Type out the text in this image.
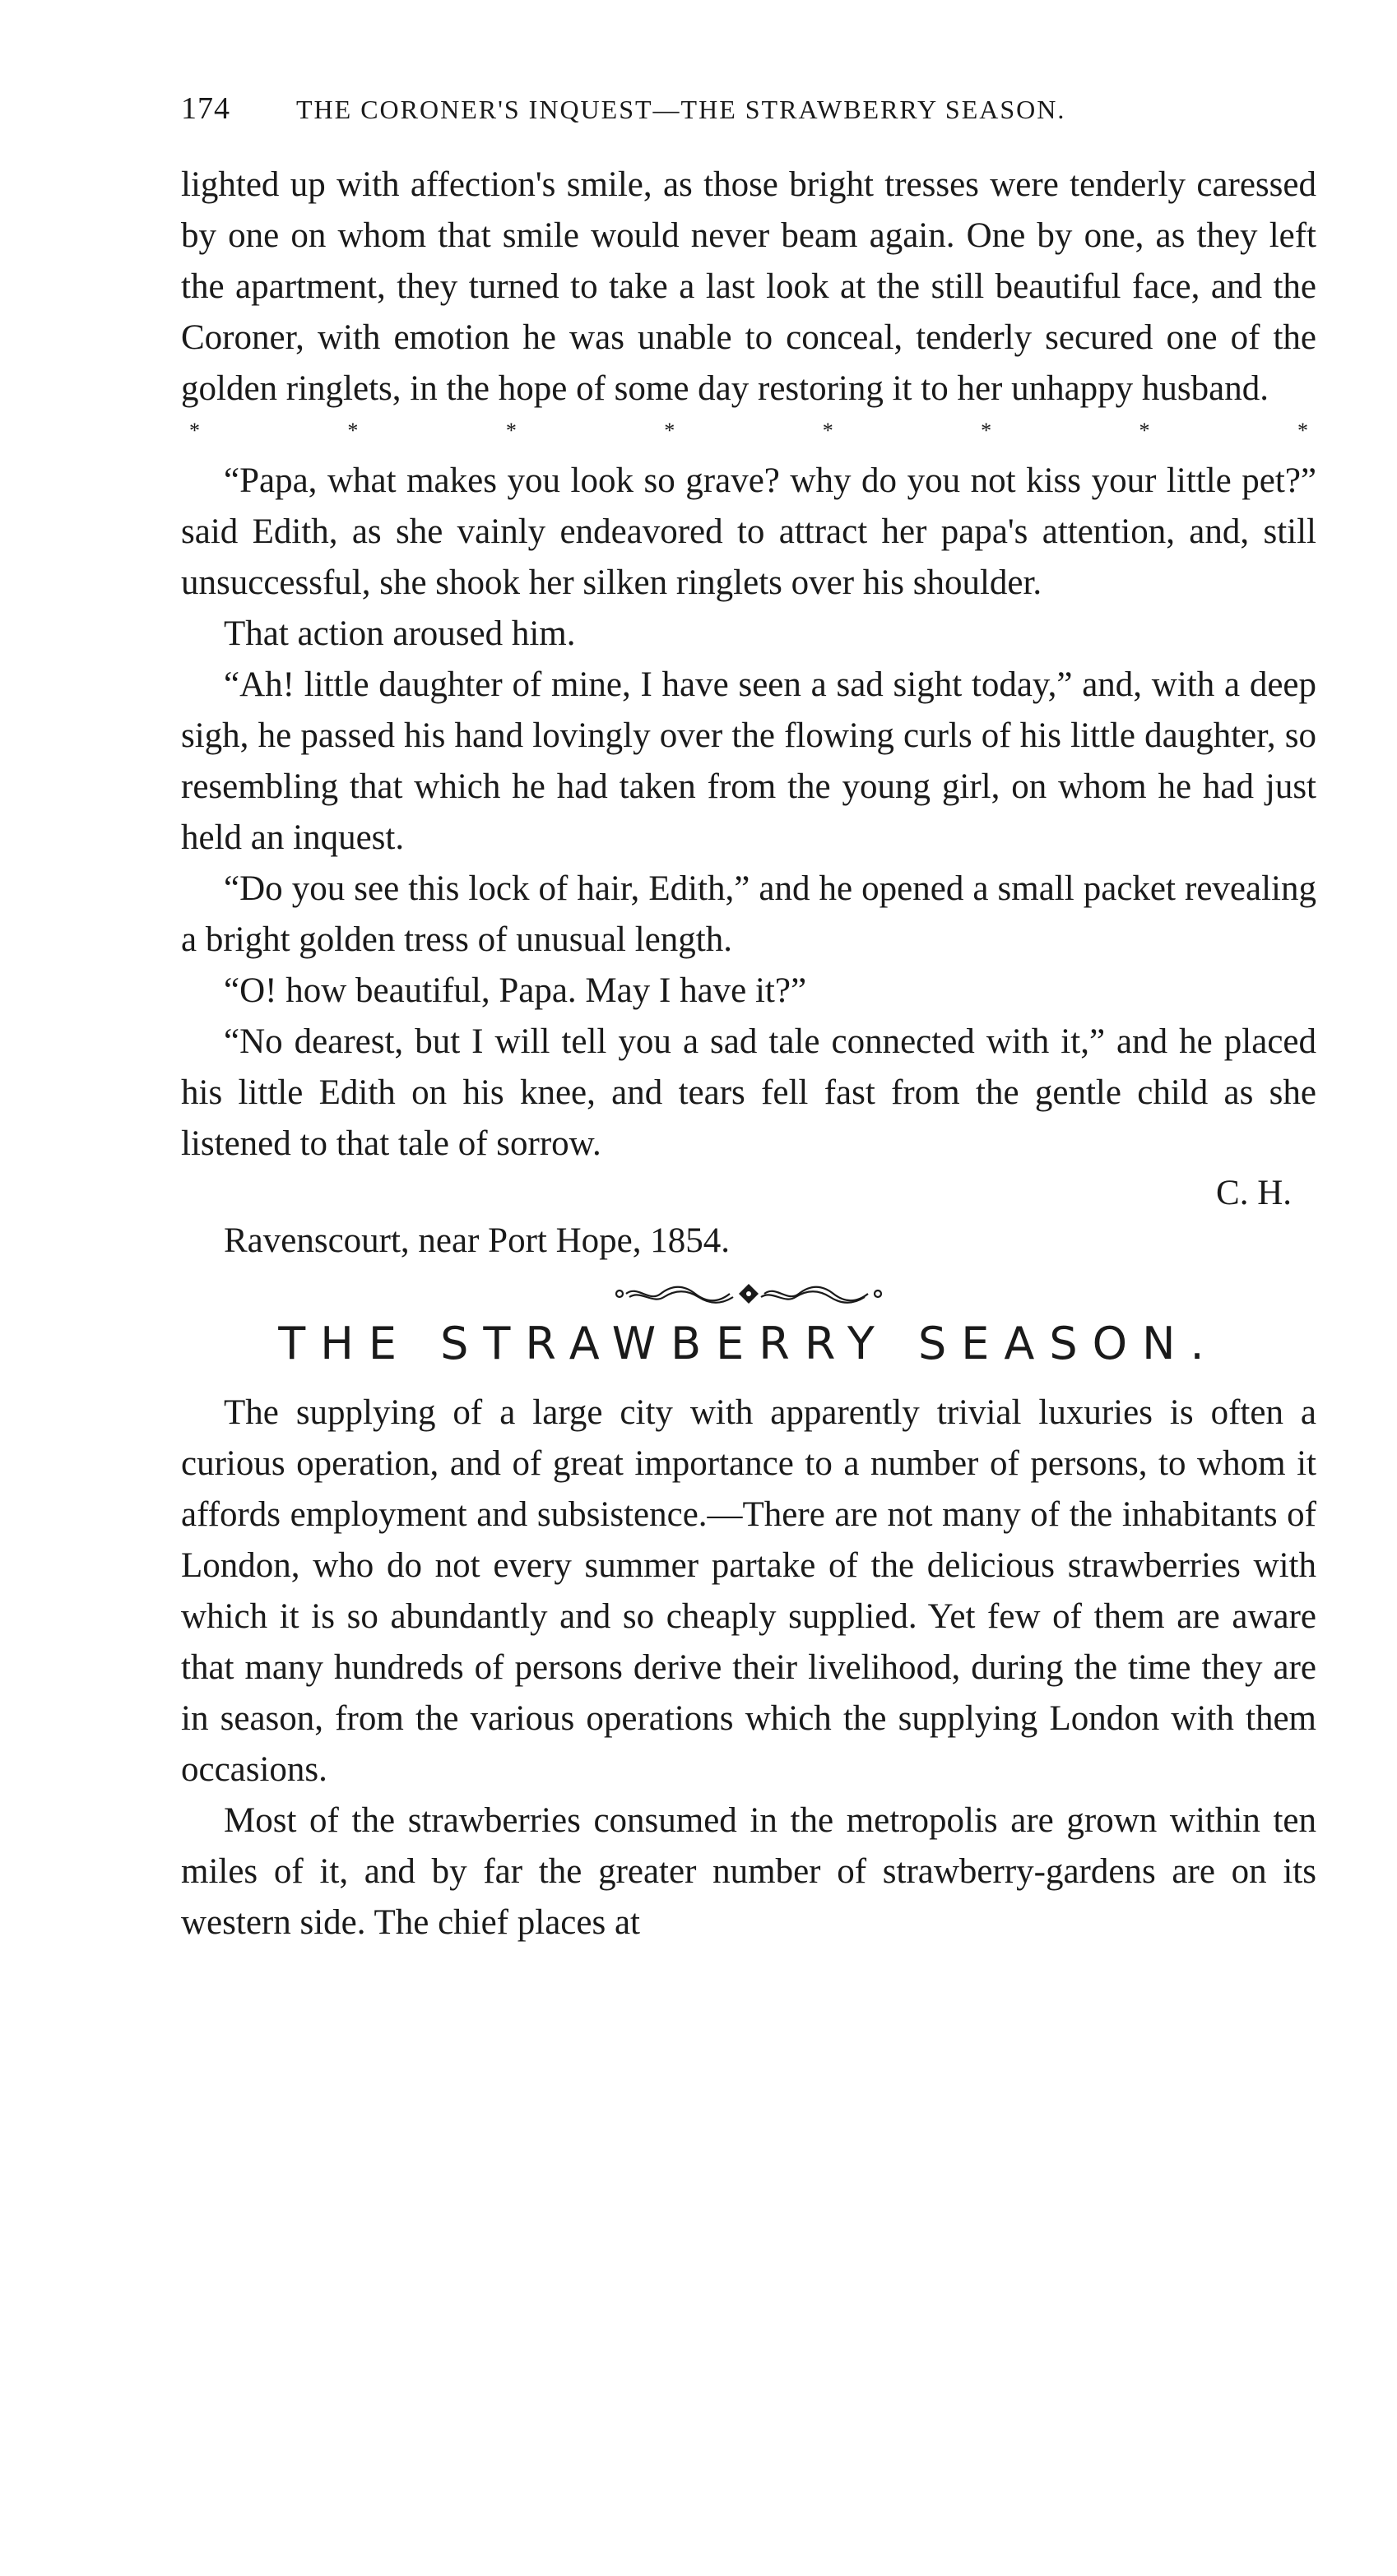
174	THE CORONER'S INQUEST—THE STRAWBERRY SEASON.

lighted up with affection's smile, as those bright tresses were tenderly caressed by one on whom that smile would never beam again. One by one, as they left the apartment, they turned to take a last look at the still beautiful face, and the Coroner, with emotion he was unable to conceal, tenderly secured one of the golden ringlets, in the hope of some day restoring it to her unhappy husband.

*	*	*	*	*	*	*	*

“Papa, what makes you look so grave? why do you not kiss your little pet?” said Edith, as she vainly endeavored to attract her papa's attention, and, still unsuccessful, she shook her silken ringlets over his shoulder.

That action aroused him.

“Ah! little daughter of mine, I have seen a sad sight today,” and, with a deep sigh, he passed his hand lovingly over the flowing curls of his little daughter, so resembling that which he had taken from the young girl, on whom he had just held an inquest.

“Do you see this lock of hair, Edith,” and he opened a small packet revealing a bright golden tress of unusual length.

“O! how beautiful, Papa. May I have it?”

“No dearest, but I will tell you a sad tale connected with it,” and he placed his little Edith on his knee, and tears fell fast from the gentle child as she listened to that tale of sorrow.

C. H.
Ravenscourt, near Port Hope, 1854.
THE STRAWBERRY SEASON.

The supplying of a large city with apparently trivial luxuries is often a curious operation, and of great importance to a number of persons, to whom it affords employment and subsistence.—There are not many of the inhabitants of London, who do not every summer partake of the delicious strawberries with which it is so abundantly and so cheaply supplied. Yet few of them are aware that many hundreds of persons derive their livelihood, during the time they are in season, from the various operations which the supplying London with them occasions.

Most of the strawberries consumed in the metropolis are grown within ten miles of it, and by far the greater number of strawberry-gardens are on its western side. The chief places at
